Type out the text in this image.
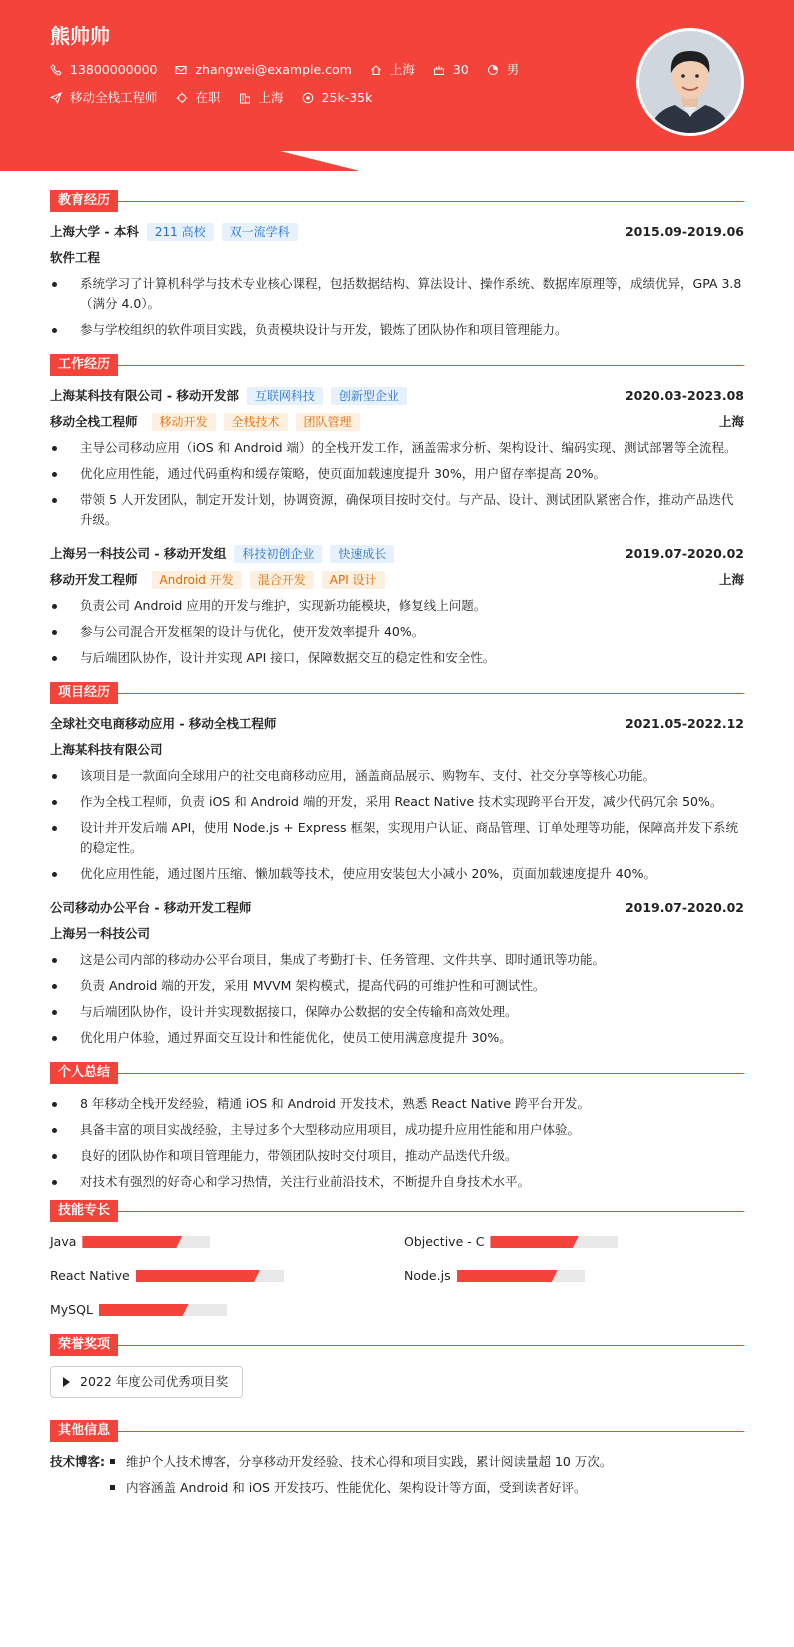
熊帅帅
13800000000	zhangwei@example.com	上海	30	男
移动全栈工程师	在职	上海	25k-35k
教育经历
上海大学 - 本科	211 高校	双一流学科	2015.09-2019.06
软件工程
系统学习了计算机科学与技术专业核心课程，包括数据结构、算法设计、操作系统、数据库原理等，成绩优异，GPA 3.8（满分 4.0）。
参与学校组织的软件项目实践，负责模块设计与开发，锻炼了团队协作和项目管理能力。
工作经历
上海某科技有限公司 - 移动开发部	互联网科技	创新型企业	2020.03-2023.08
移动全栈工程师	移动开发	全栈技术	团队管理	上海
主导公司移动应用（iOS 和 Android 端）的全栈开发工作，涵盖需求分析、架构设计、编码实现、测试部署等全流程。
优化应用性能，通过代码重构和缓存策略，使页面加载速度提升 30%，用户留存率提高 20%。
带领 5 人开发团队，制定开发计划，协调资源，确保项目按时交付。与产品、设计、测试团队紧密合作，推动产品迭代升级。
上海另一科技公司 - 移动开发组	科技初创企业	快速成长	2019.07-2020.02
移动开发工程师	Android 开发	混合开发	API 设计	上海
负责公司 Android 应用的开发与维护，实现新功能模块，修复线上问题。
参与公司混合开发框架的设计与优化，使开发效率提升 40%。
与后端团队协作，设计并实现 API 接口，保障数据交互的稳定性和安全性。
项目经历
全球社交电商移动应用 - 移动全栈工程师	2021.05-2022.12
上海某科技有限公司
该项目是一款面向全球用户的社交电商移动应用，涵盖商品展示、购物车、支付、社交分享等核心功能。
作为全栈工程师，负责 iOS 和 Android 端的开发，采用 React Native 技术实现跨平台开发，减少代码冗余 50%。
设计并开发后端 API，使用 Node.js + Express 框架，实现用户认证、商品管理、订单处理等功能，保障高并发下系统的稳定性。
优化应用性能，通过图片压缩、懒加载等技术，使应用安装包大小减小 20%，页面加载速度提升 40%。
公司移动办公平台 - 移动开发工程师	2019.07-2020.02
上海另一科技公司
这是公司内部的移动办公平台项目，集成了考勤打卡、任务管理、文件共享、即时通讯等功能。
负责 Android 端的开发，采用 MVVM 架构模式，提高代码的可维护性和可测试性。
与后端团队协作，设计并实现数据接口，保障办公数据的安全传输和高效处理。
优化用户体验，通过界面交互设计和性能优化，使员工使用满意度提升 30%。
个人总结
8 年移动全栈开发经验，精通 iOS 和 Android 开发技术，熟悉 React Native 跨平台开发。
具备丰富的项目实战经验，主导过多个大型移动应用项目，成功提升应用性能和用户体验。
良好的团队协作和项目管理能力，带领团队按时交付项目，推动产品迭代升级。
对技术有强烈的好奇心和学习热情，关注行业前沿技术，不断提升自身技术水平。
技能专长
Java	Objective - C
React Native	Node.js
MySQL
荣誉奖项
2022 年度公司优秀项目奖
其他信息
技术博客:	维护个人技术博客，分享移动开发经验、技术心得和项目实践，累计阅读量超 10 万次。
内容涵盖 Android 和 iOS 开发技巧、性能优化、架构设计等方面，受到读者好评。
